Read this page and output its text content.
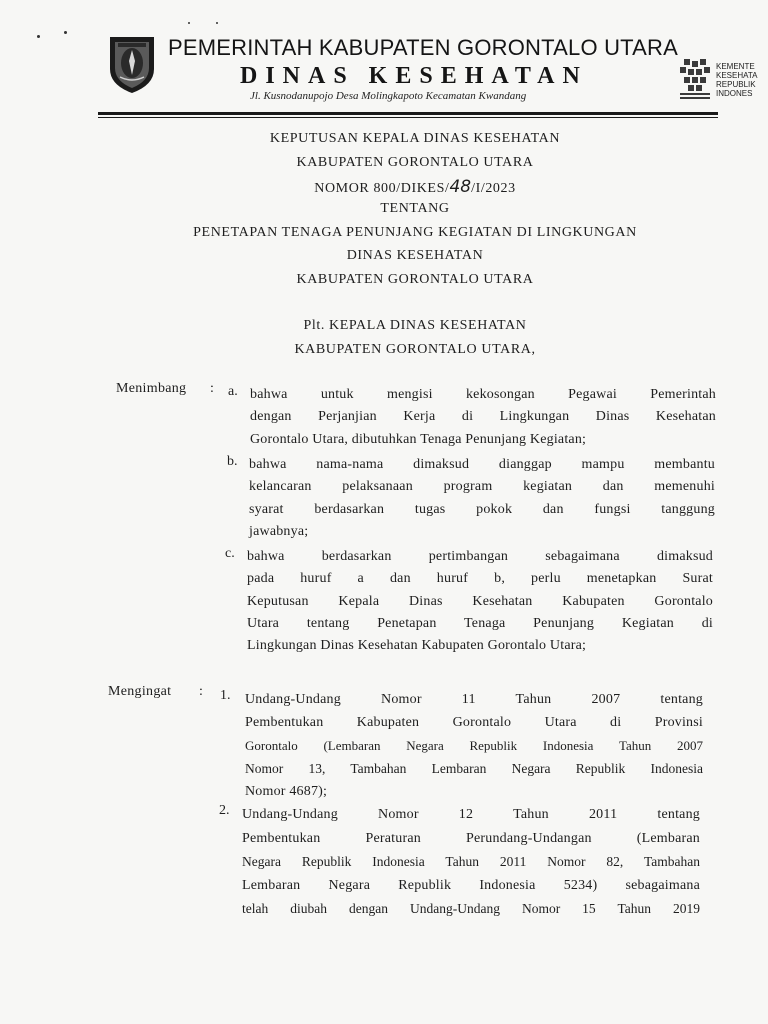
PEMERINTAH KABUPATEN GORONTALO UTARA
DINAS KESEHATAN
Jl. Kusnodanupojo Desa Molingkapoto Kecamatan Kwandang
KEMENTE
KESEHATA
REPUBLIK
INDONES
KEPUTUSAN KEPALA DINAS KESEHATAN
KABUPATEN GORONTALO UTARA
NOMOR 800/DIKES/48/I/2023
TENTANG
PENETAPAN TENAGA PENUNJANG KEGIATAN DI LINGKUNGAN
DINAS KESEHATAN
KABUPATEN GORONTALO UTARA
Plt. KEPALA DINAS KESEHATAN
KABUPATEN GORONTALO UTARA,
Menimbang : a. bahwa untuk mengisi kekosongan Pegawai Pemerintah
dengan Perjanjian Kerja di Lingkungan Dinas Kesehatan
Gorontalo Utara, dibutuhkan Tenaga Penunjang Kegiatan;
b. bahwa nama-nama dimaksud dianggap mampu membantu
kelancaran pelaksanaan program kegiatan dan memenuhi
syarat berdasarkan tugas pokok dan fungsi tanggung
jawabnya;
c. bahwa berdasarkan pertimbangan sebagaimana dimaksud
pada huruf a dan huruf b, perlu menetapkan Surat
Keputusan Kepala Dinas Kesehatan Kabupaten Gorontalo
Utara tentang Penetapan Tenaga Penunjang Kegiatan di
Lingkungan Dinas Kesehatan Kabupaten Gorontalo Utara;
Mengingat : 1. Undang-Undang Nomor 11 Tahun 2007 tentang
Pembentukan Kabupaten Gorontalo Utara di Provinsi
Gorontalo (Lembaran Negara Republik Indonesia Tahun 2007
Nomor 13, Tambahan Lembaran Negara Republik Indonesia
Nomor 4687);
2. Undang-Undang Nomor 12 Tahun 2011 tentang
Pembentukan Peraturan Perundang-Undangan (Lembaran
Negara Republik Indonesia Tahun 2011 Nomor 82, Tambahan
Lembaran Negara Republik Indonesia 5234) sebagaimana
telah diubah dengan Undang-Undang Nomor 15 Tahun 2019
